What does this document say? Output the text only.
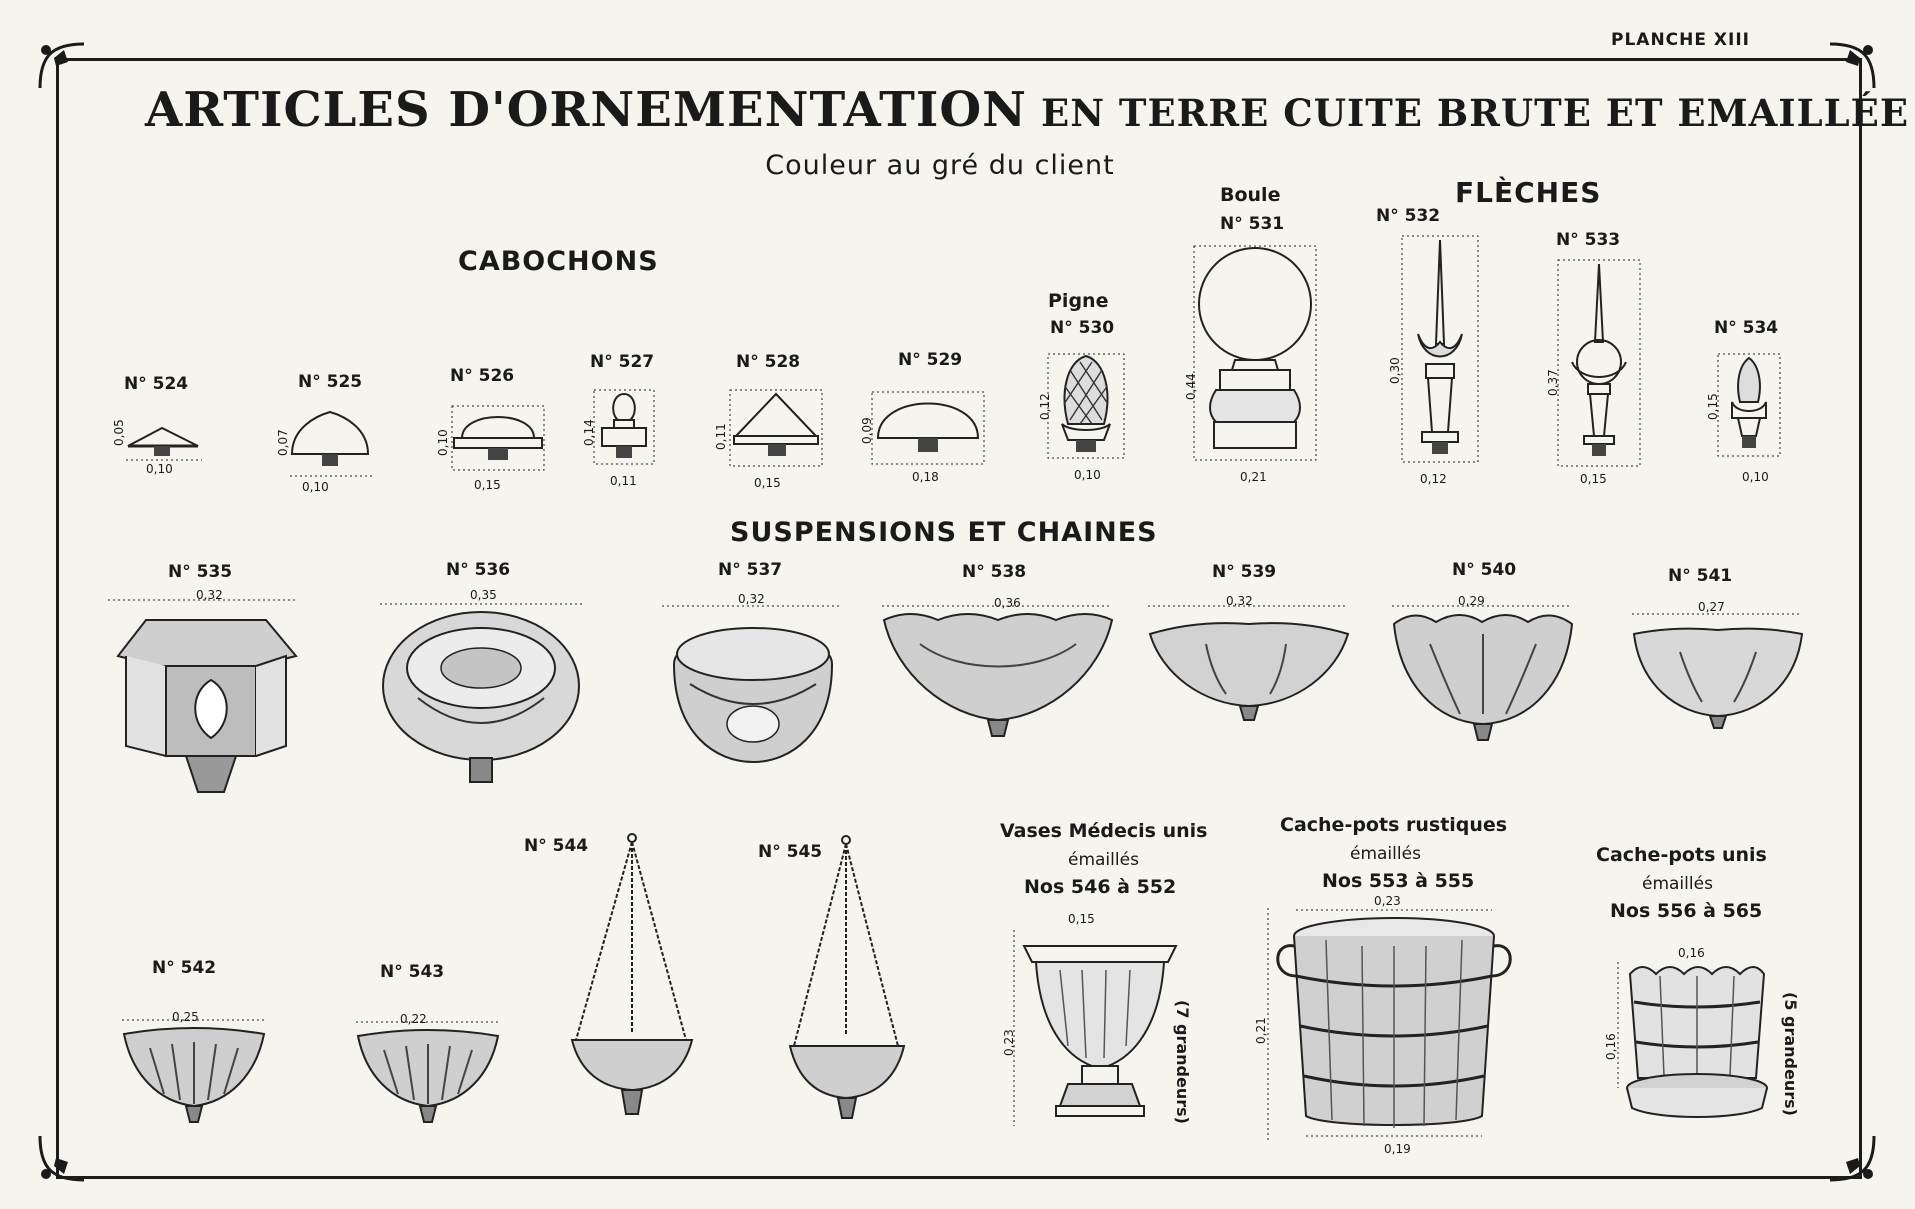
PLANCHE XIII
ARTICLES D'ORNEMENTATION EN TERRE CUITE BRUTE ET EMAILLÉE
Couleur au gré du client
CABOCHONS
FLÈCHES
SUSPENSIONS ET CHAINES
N° 524
0,10
0,05
N° 525
0,10
0,07
N° 526
0,15
0,10
N° 527
0,11
0,14
N° 528
0,15
0,11
N° 529
0,18
0,09
Pigne
N° 530
0,10
0,12
Boule
N° 531
0,21
0,44
N° 532
0,12
0,30
N° 533
0,15
0,37
N° 534
0,10
0,15
N° 535
0,32
N° 536
0,35
N° 537
0,32
N° 538
0,36
N° 539
0,32
N° 540
0,29
N° 541
0,27
N° 542
0,25
N° 543
0,22
N° 544	N° 545
Vases Médecis unis
émaillés
Nos 546 à 552
0,15
0,23	(7 grandeurs)
Cache-pots rustiques
émaillés
Nos 553 à 555
0,23
0,21
0,19
Cache-pots unis
émaillés
Nos 556 à 565
0,16
0,16	(5 grandeurs)
